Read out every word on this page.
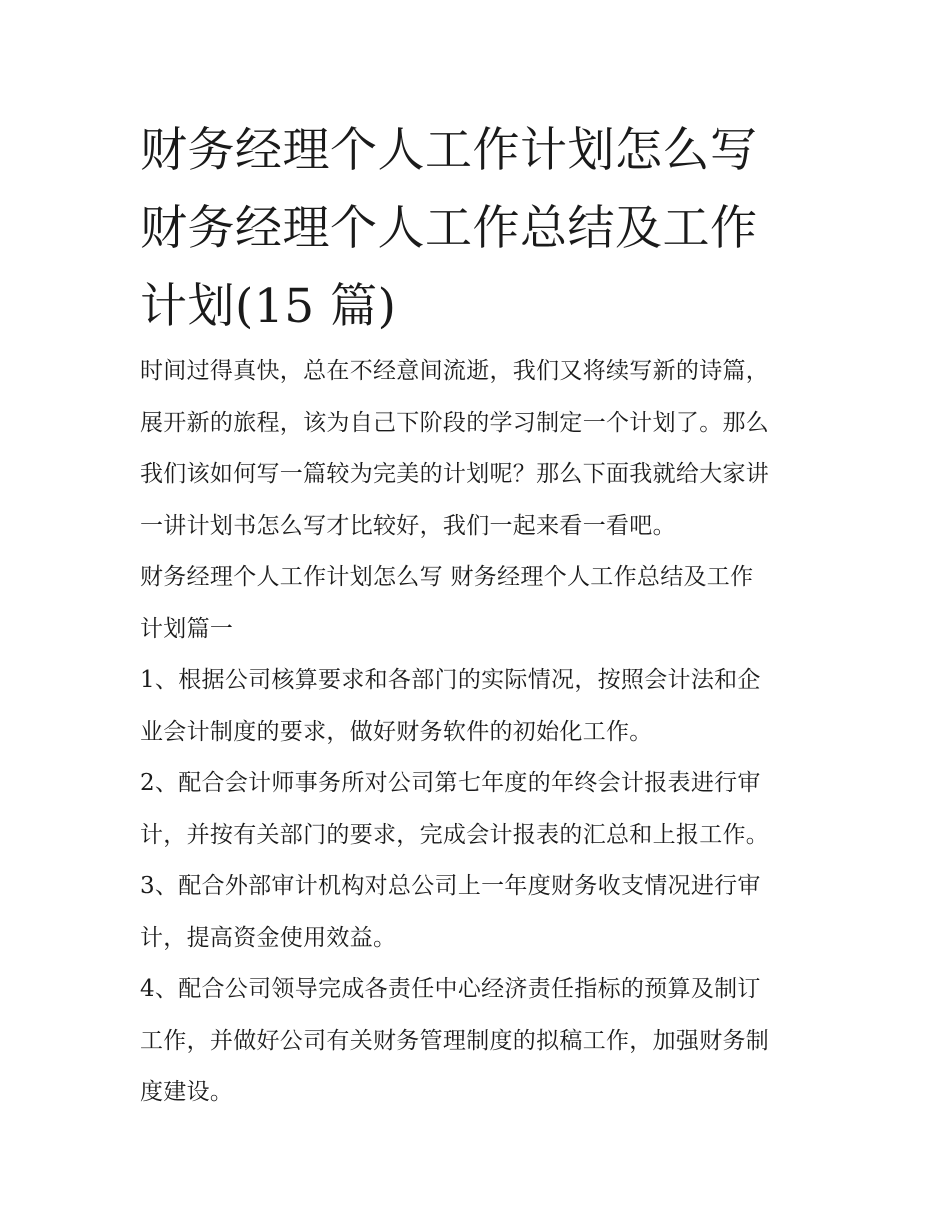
财务经理个人工作计划怎么写
财务经理个人工作总结及工作
计划(15 篇)
时间过得真快，总在不经意间流逝，我们又将续写新的诗篇，
展开新的旅程，该为自己下阶段的学习制定一个计划了。那么
我们该如何写一篇较为完美的计划呢？那么下面我就给大家讲
一讲计划书怎么写才比较好，我们一起来看一看吧。
财务经理个人工作计划怎么写 财务经理个人工作总结及工作
计划篇一
1、根据公司核算要求和各部门的实际情况，按照会计法和企
业会计制度的要求，做好财务软件的初始化工作。
2、配合会计师事务所对公司第七年度的年终会计报表进行审
计，并按有关部门的要求，完成会计报表的汇总和上报工作。
3、配合外部审计机构对总公司上一年度财务收支情况进行审
计，提高资金使用效益。
4、配合公司领导完成各责任中心经济责任指标的预算及制订
工作，并做好公司有关财务管理制度的拟稿工作，加强财务制
度建设。
